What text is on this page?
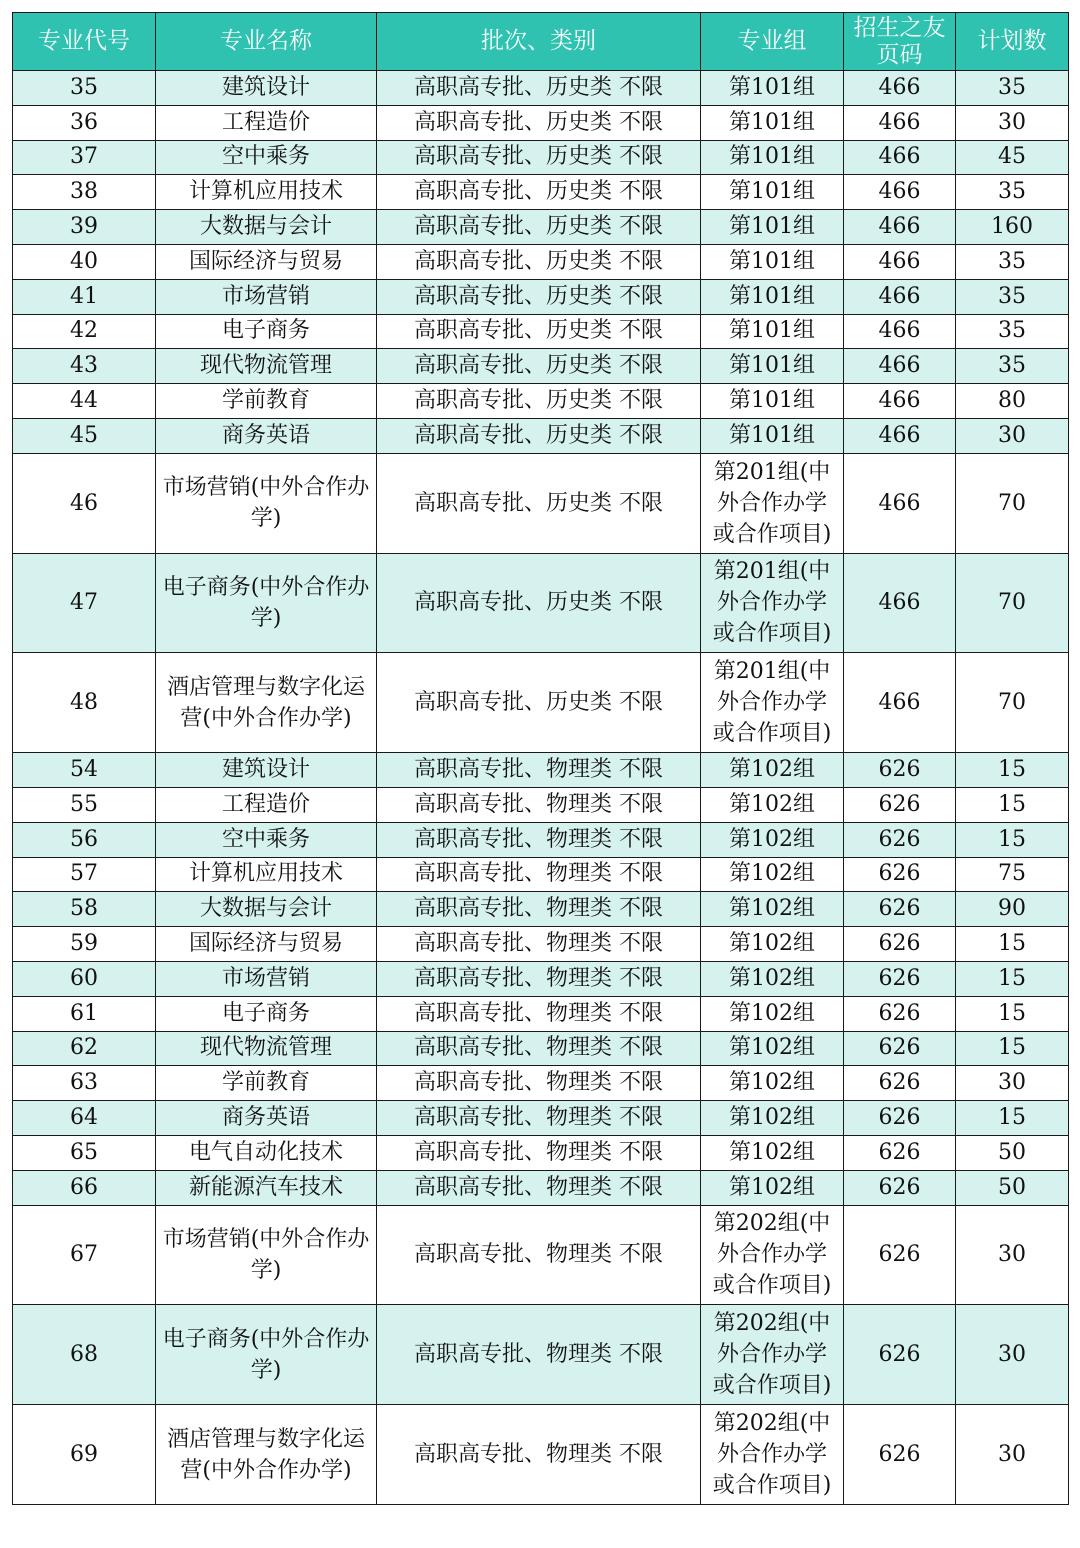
专业代号	专业名称	批次、类别	专业组	招生之友页码	计划数
35	建筑设计	高职高专批、历史类 不限	第101组	466	35
36	工程造价	高职高专批、历史类 不限	第101组	466	30
37	空中乘务	高职高专批、历史类 不限	第101组	466	45
38	计算机应用技术	高职高专批、历史类 不限	第101组	466	35
39	大数据与会计	高职高专批、历史类 不限	第101组	466	160
40	国际经济与贸易	高职高专批、历史类 不限	第101组	466	35
41	市场营销	高职高专批、历史类 不限	第101组	466	35
42	电子商务	高职高专批、历史类 不限	第101组	466	35
43	现代物流管理	高职高专批、历史类 不限	第101组	466	35
44	学前教育	高职高专批、历史类 不限	第101组	466	80
45	商务英语	高职高专批、历史类 不限	第101组	466	30
46	市场营销(中外合作办学)	高职高专批、历史类 不限	第201组(中外合作办学或合作项目)	466	70
47	电子商务(中外合作办学)	高职高专批、历史类 不限	第201组(中外合作办学或合作项目)	466	70
48	酒店管理与数字化运营(中外合作办学)	高职高专批、历史类 不限	第201组(中外合作办学或合作项目)	466	70
54	建筑设计	高职高专批、物理类 不限	第102组	626	15
55	工程造价	高职高专批、物理类 不限	第102组	626	15
56	空中乘务	高职高专批、物理类 不限	第102组	626	15
57	计算机应用技术	高职高专批、物理类 不限	第102组	626	75
58	大数据与会计	高职高专批、物理类 不限	第102组	626	90
59	国际经济与贸易	高职高专批、物理类 不限	第102组	626	15
60	市场营销	高职高专批、物理类 不限	第102组	626	15
61	电子商务	高职高专批、物理类 不限	第102组	626	15
62	现代物流管理	高职高专批、物理类 不限	第102组	626	15
63	学前教育	高职高专批、物理类 不限	第102组	626	30
64	商务英语	高职高专批、物理类 不限	第102组	626	15
65	电气自动化技术	高职高专批、物理类 不限	第102组	626	50
66	新能源汽车技术	高职高专批、物理类 不限	第102组	626	50
67	市场营销(中外合作办学)	高职高专批、物理类 不限	第202组(中外合作办学或合作项目)	626	30
68	电子商务(中外合作办学)	高职高专批、物理类 不限	第202组(中外合作办学或合作项目)	626	30
69	酒店管理与数字化运营(中外合作办学)	高职高专批、物理类 不限	第202组(中外合作办学或合作项目)	626	30
